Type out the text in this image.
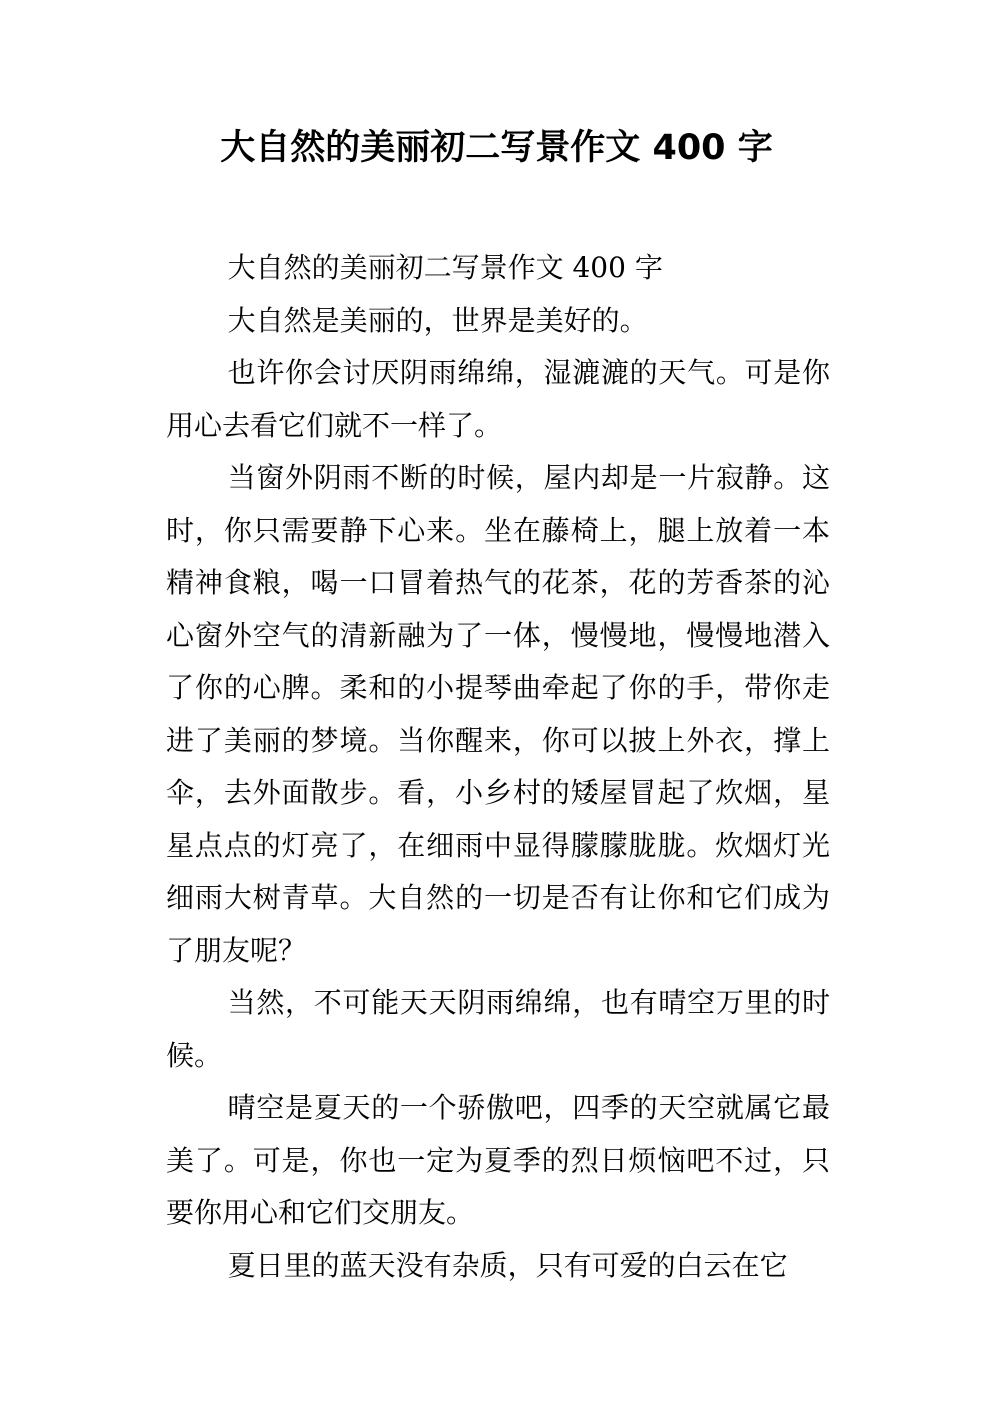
大自然的美丽初二写景作文 400 字

大自然的美丽初二写景作文 400 字

大自然是美丽的，世界是美好的。

也许你会讨厌阴雨绵绵，湿漉漉的天气。可是你用心去看它们就不一样了。

当窗外阴雨不断的时候，屋内却是一片寂静。这时，你只需要静下心来。坐在藤椅上，腿上放着一本精神食粮，喝一口冒着热气的花茶，花的芳香茶的沁心窗外空气的清新融为了一体，慢慢地，慢慢地潜入了你的心脾。柔和的小提琴曲牵起了你的手，带你走进了美丽的梦境。当你醒来，你可以披上外衣，撑上伞，去外面散步。看，小乡村的矮屋冒起了炊烟，星星点点的灯亮了，在细雨中显得朦朦胧胧。炊烟灯光细雨大树青草。大自然的一切是否有让你和它们成为了朋友呢？

当然，不可能天天阴雨绵绵，也有晴空万里的时候。

晴空是夏天的一个骄傲吧，四季的天空就属它最美了。可是，你也一定为夏季的烈日烦恼吧不过，只要你用心和它们交朋友。

夏日里的蓝天没有杂质，只有可爱的白云在它
